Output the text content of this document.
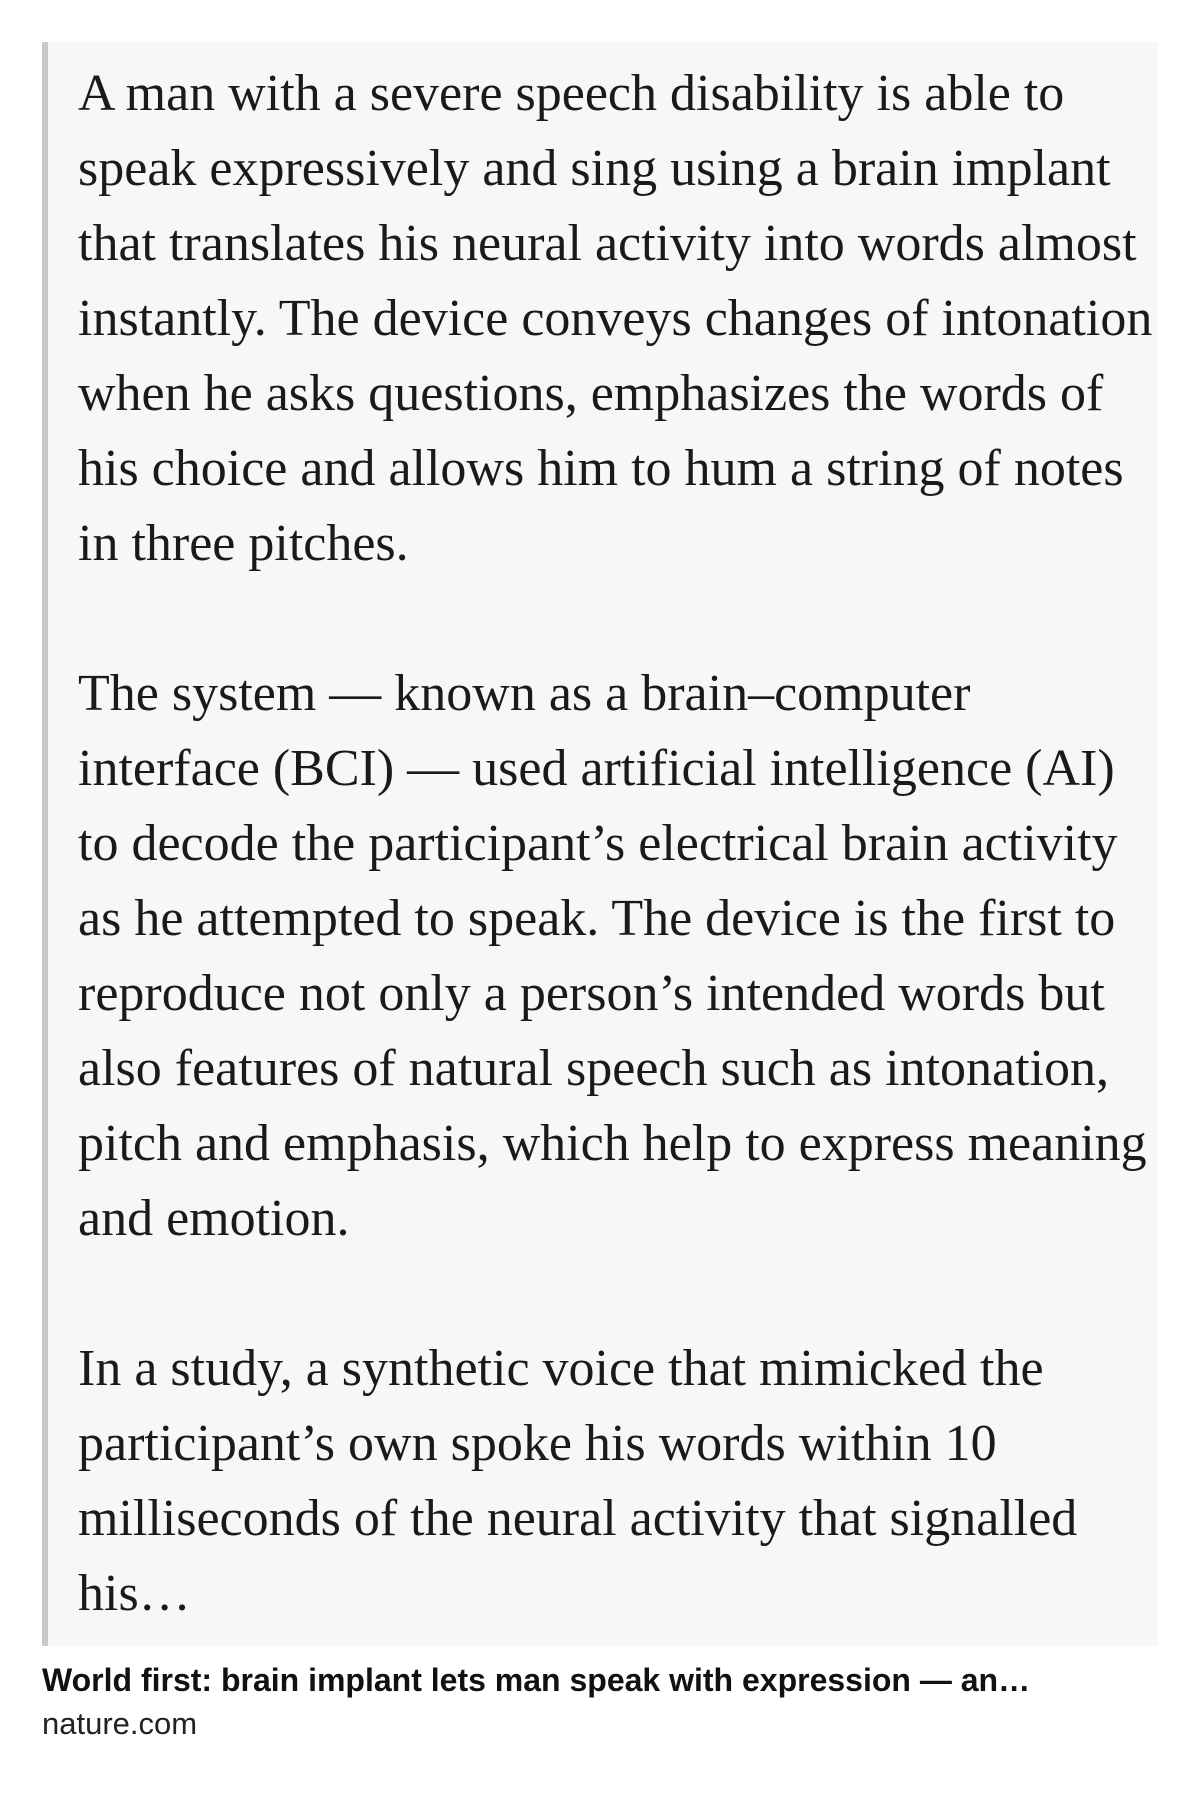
A man with a severe speech disability is able to speak expressively and sing using a brain implant that translates his neural activity into words almost instantly. The device conveys changes of intonation when he asks questions, emphasizes the words of his choice and allows him to hum a string of notes in three pitches.

The system — known as a brain–computer interface (BCI) — used artificial intelligence (AI) to decode the participant’s electrical brain activity as he attempted to speak. The device is the first to reproduce not only a person’s intended words but also features of natural speech such as intonation, pitch and emphasis, which help to express meaning and emotion.

In a study, a synthetic voice that mimicked the participant’s own spoke his words within 10 milliseconds of the neural activity that signalled his…

World first: brain implant lets man speak with expression — an…
nature.com
